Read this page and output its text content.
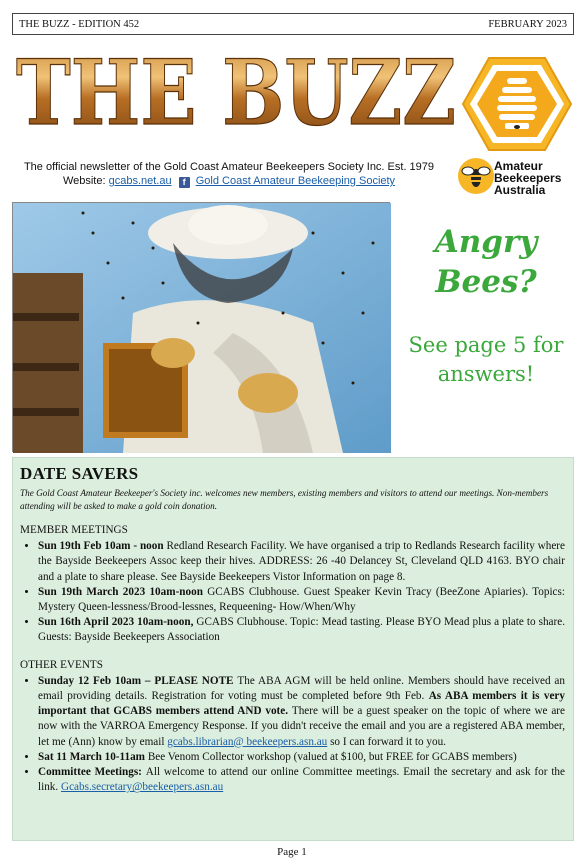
THE BUZZ - EDITION 452	FEBRUARY 2023
THE BUZZ
The official newsletter of the Gold Coast Amateur Beekeepers Society Inc. Est. 1979
Website: gcabs.net.au f Gold Coast Amateur Beekeeping Society
Amateur
Beekeepers
Australia
Angry
Bees?
See page 5 for
answers!
DATE SAVERS
The Gold Coast Amateur Beekeeper's Society inc. welcomes new members, existing members and visitors to attend our meetings. Non-members attending will be asked to make a gold coin donation.
MEMBER MEETINGS
• Sun 19th Feb 10am - noon Redland Research Facility. We have organised a trip to Redlands Research facility where the Bayside Beekeepers Assoc keep their hives. ADDRESS: 26 -40 Delancey St, Cleveland QLD 4163. BYO chair and a plate to share please. See Bayside Beekeepers Vistor Information on page 8.
• Sun 19th March 2023 10am-noon GCABS Clubhouse. Guest Speaker Kevin Tracy (BeeZone Apiaries). Topics: Mystery Queen-lessness/Brood-lessnes, Requeening- How/When/Why
• Sun 16th April 2023 10am-noon, GCABS Clubhouse. Topic: Mead tasting. Please BYO Mead plus a plate to share. Guests: Bayside Beekeepers Association
OTHER EVENTS
• Sunday 12 Feb 10am – PLEASE NOTE The ABA AGM will be held online. Members should have received an email providing details. Registration for voting must be completed before 9th Feb. As ABA members it is very important that GCABS members attend AND vote. There will be a guest speaker on the topic of where we are now with the VARROA Emergency Response. If you didn't receive the email and you are a registered ABA member, let me (Ann) know by email gcabs.librarian@ beekeepers.asn.au so I can forward it to you.
• Sat 11 March 10-11am Bee Venom Collector workshop (valued at $100, but FREE for GCABS members)
• Committee Meetings: All welcome to attend our online Committee meetings. Email the secretary and ask for the link. Gcabs.secretary@beekeepers.asn.au
Page 1
